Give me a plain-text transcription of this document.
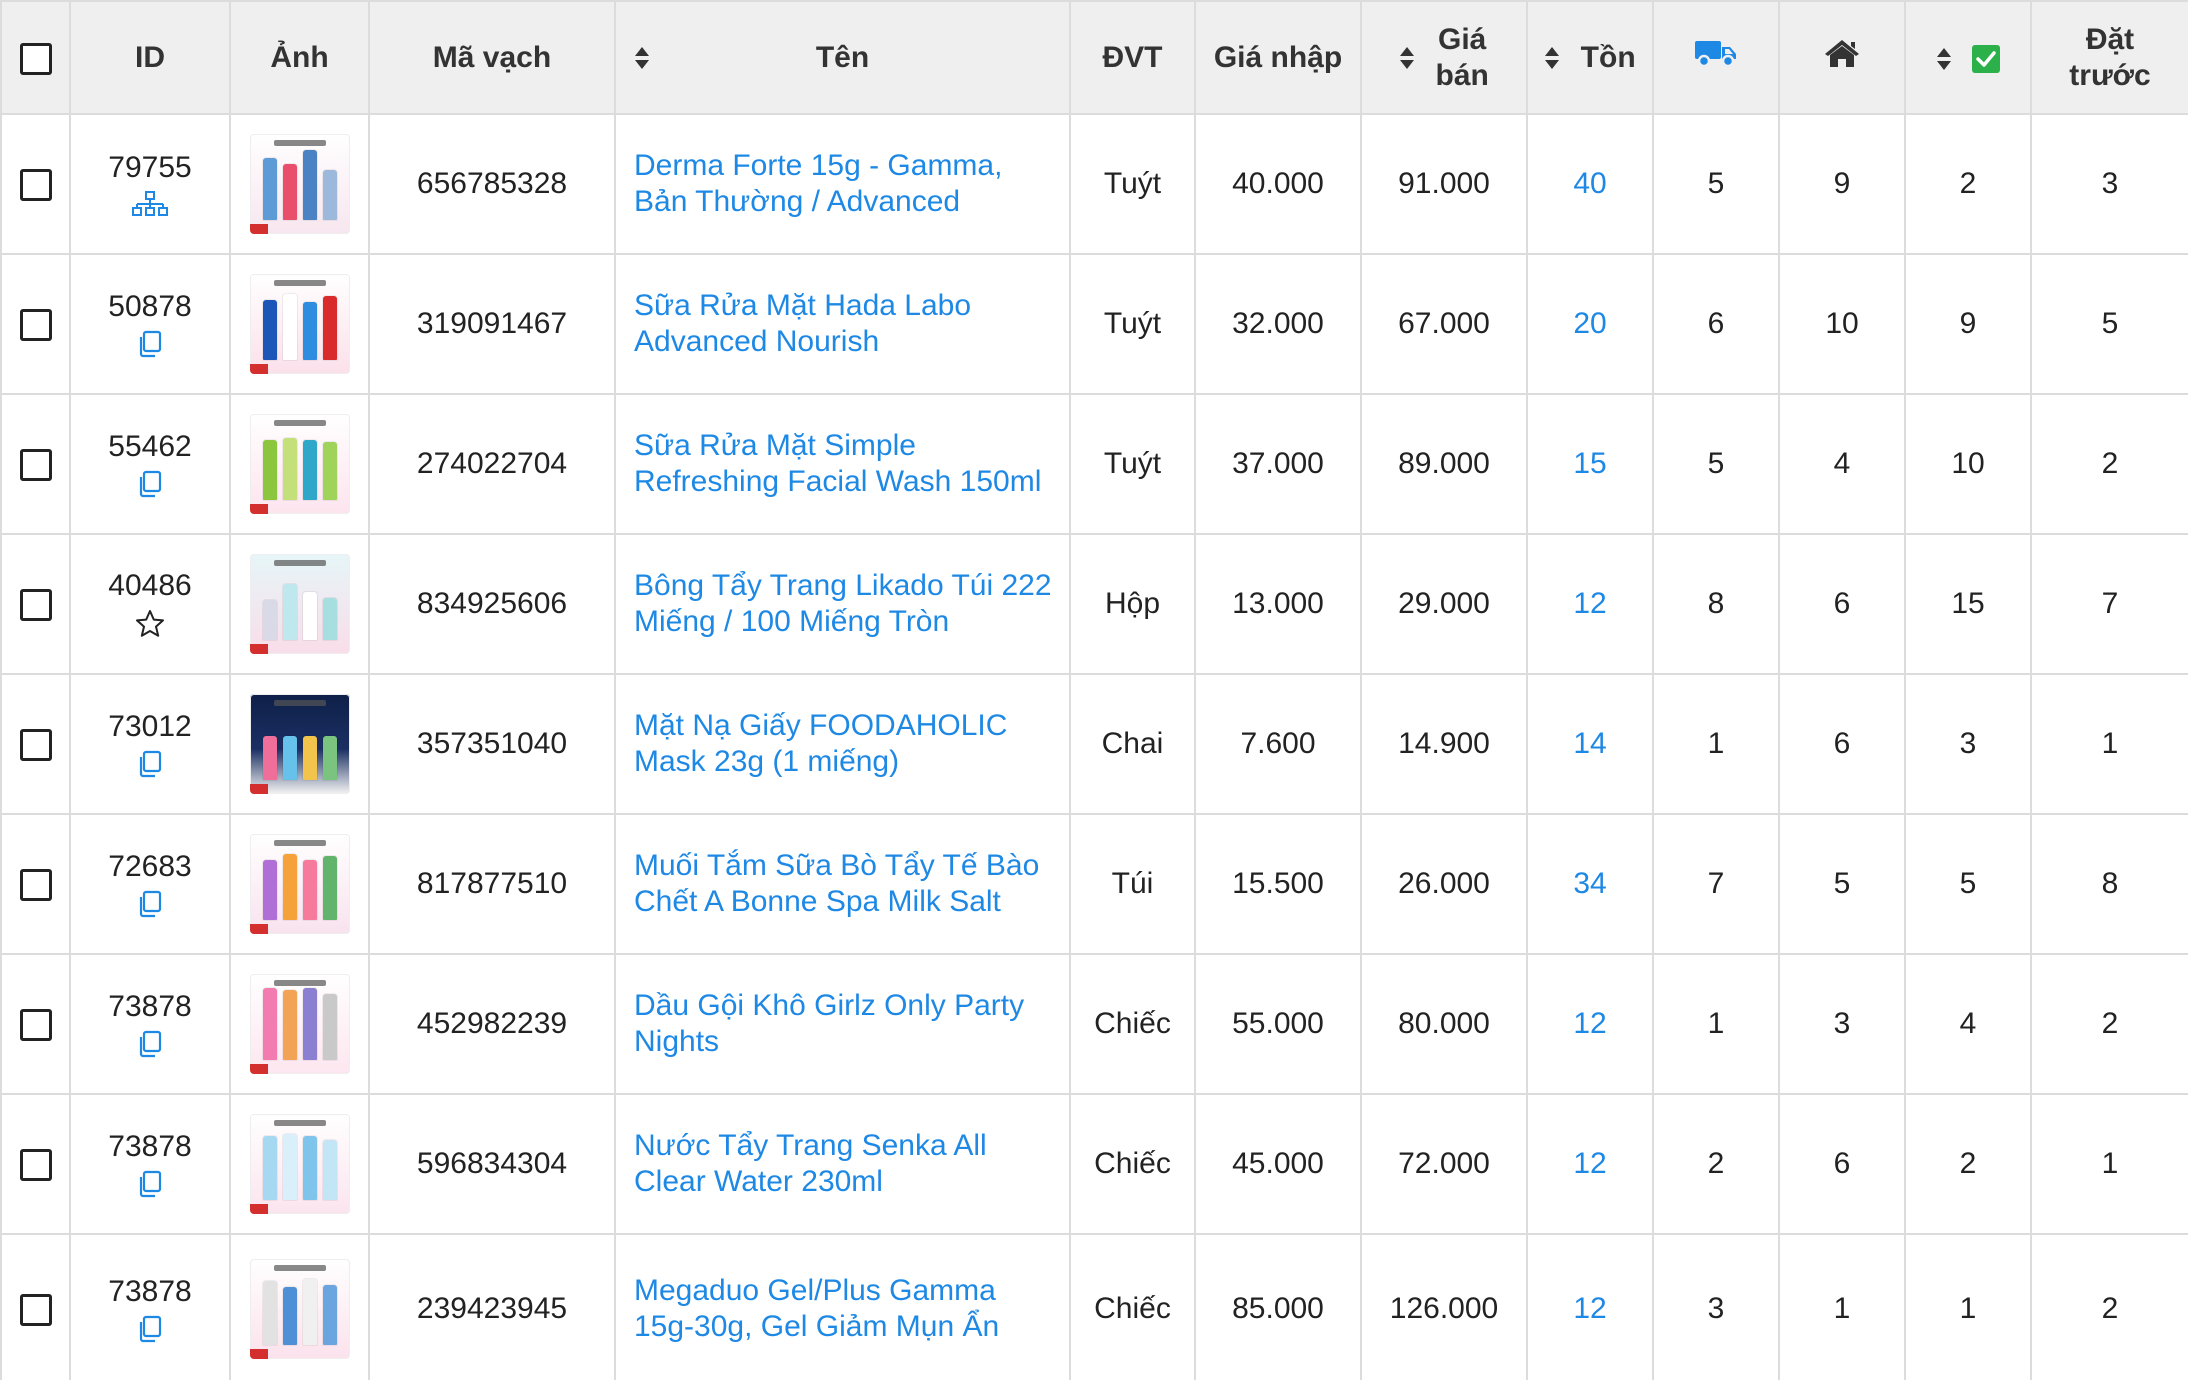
	ID	Ảnh	Mã vạch	Tên	ĐVT	Giá nhập	Giá
bán	Tồn				Đặt
trước

	79755		656785328	Derma Forte 15g - Gamma, Bản Thường / Advanced	Tuýt	40.000	91.000	40	5	9	2	3

	50878		319091467	Sữa Rửa Mặt Hada Labo Advanced Nourish	Tuýt	32.000	67.000	20	6	10	9	5

	55462		274022704	Sữa Rửa Mặt Simple Refreshing Facial Wash 150ml	Tuýt	37.000	89.000	15	5	4	10	2

	40486		834925606	Bông Tẩy Trang Likado Túi 222 Miếng / 100 Miếng Tròn	Hộp	13.000	29.000	12	8	6	15	7

	73012		357351040	Mặt Nạ Giấy FOODAHOLIC Mask 23g (1 miếng)	Chai	7.600	14.900	14	1	6	3	1

	72683		817877510	Muối Tắm Sữa Bò Tẩy Tế Bào Chết A Bonne Spa Milk Salt	Túi	15.500	26.000	34	7	5	5	8

	73878		452982239	Dầu Gội Khô Girlz Only Party Nights	Chiếc	55.000	80.000	12	1	3	4	2

	73878		596834304	Nước Tẩy Trang Senka All Clear Water 230ml	Chiếc	45.000	72.000	12	2	6	2	1

	73878		239423945	Megaduo Gel/Plus Gamma 15g-30g, Gel Giảm Mụn Ẩn	Chiếc	85.000	126.000	12	3	1	1	2
